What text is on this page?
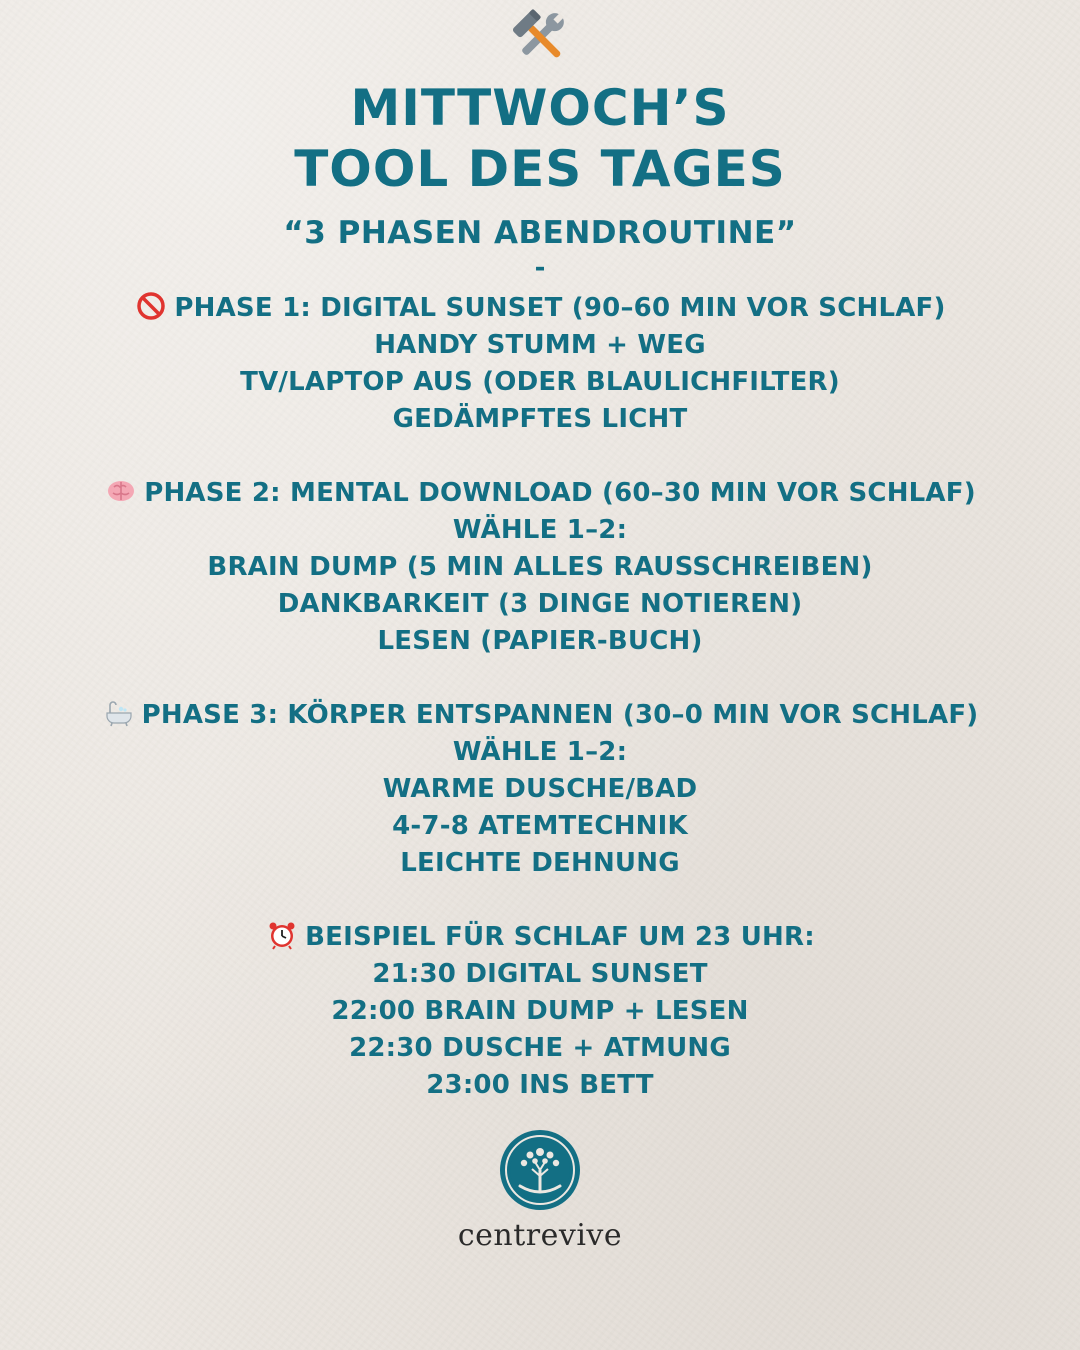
MITTWOCH’S
TOOL DES TAGES
“3 PHASEN ABENDROUTINE”
-
PHASE 1: DIGITAL SUNSET (90–60 MIN VOR SCHLAF)
HANDY STUMM + WEG
TV/LAPTOP AUS (ODER BLAULICHFILTER)
GEDÄMPFTES LICHT
PHASE 2: MENTAL DOWNLOAD (60–30 MIN VOR SCHLAF)
WÄHLE 1–2:
BRAIN DUMP (5 MIN ALLES RAUSSCHREIBEN)
DANKBARKEIT (3 DINGE NOTIEREN)
LESEN (PAPIER-BUCH)
PHASE 3: KÖRPER ENTSPANNEN (30–0 MIN VOR SCHLAF)
WÄHLE 1–2:
WARME DUSCHE/BAD
4-7-8 ATEMTECHNIK
LEICHTE DEHNUNG
BEISPIEL FÜR SCHLAF UM 23 UHR:
21:30 DIGITAL SUNSET
22:00 BRAIN DUMP + LESEN
22:30 DUSCHE + ATMUNG
23:00 INS BETT
centrevive
